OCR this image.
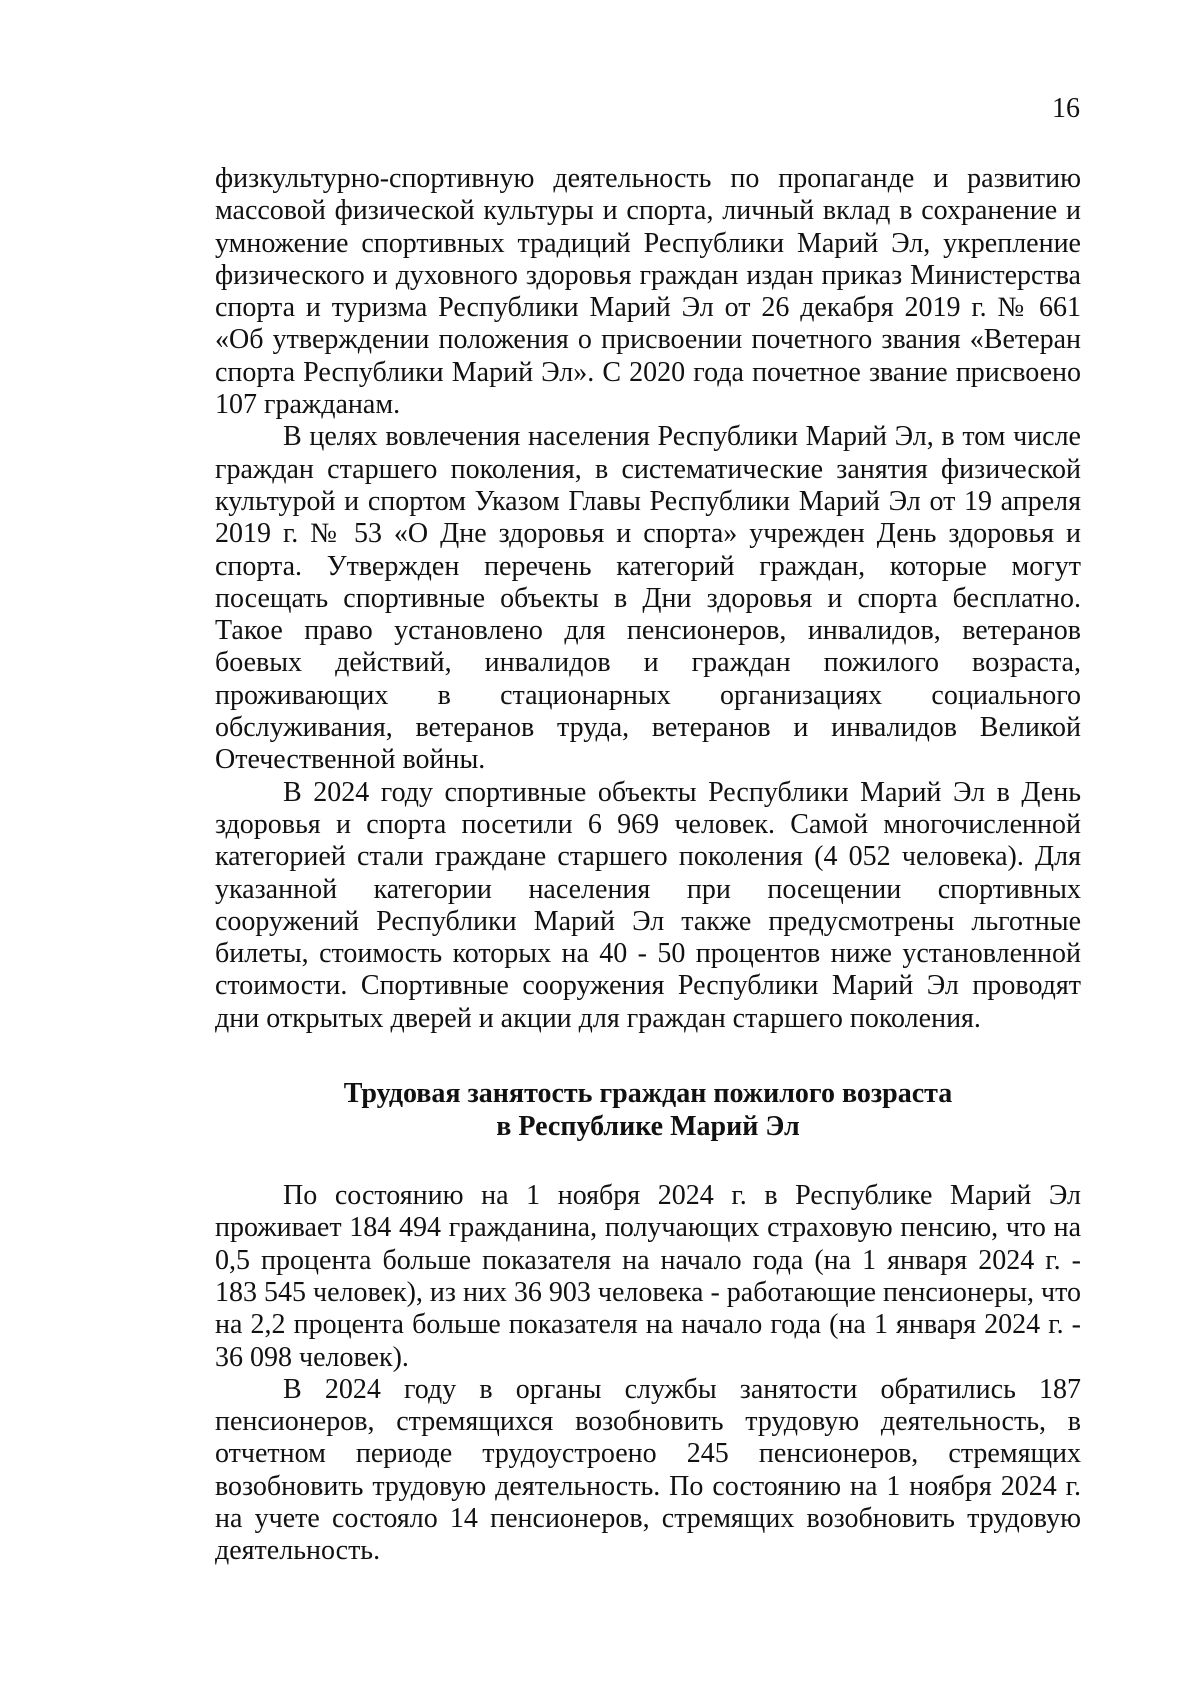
16

физкультурно-спортивную деятельность по пропаганде и развитию массовой физической культуры и спорта, личный вклад в сохранение и умножение спортивных традиций Республики Марий Эл, укрепление физического и духовного здоровья граждан издан приказ Министерства спорта и туризма Республики Марий Эл от 26 декабря 2019 г. № 661 «Об утверждении положения о присвоении почетного звания «Ветеран спорта Республики Марий Эл». С 2020 года почетное звание присвоено 107 гражданам.

В целях вовлечения населения Республики Марий Эл, в том числе граждан старшего поколения, в систематические занятия физической культурой и спортом Указом Главы Республики Марий Эл от 19 апреля 2019 г. № 53 «О Дне здоровья и спорта» учрежден День здоровья и спорта. Утвержден перечень категорий граждан, которые могут посещать спортивные объекты в Дни здоровья и спорта бесплатно. Такое право установлено для пенсионеров, инвалидов, ветеранов боевых действий, инвалидов и граждан пожилого возраста, проживающих в стационарных организациях социального обслуживания, ветеранов труда, ветеранов и инвалидов Великой Отечественной войны.

В 2024 году спортивные объекты Республики Марий Эл в День здоровья и спорта посетили 6 969 человек. Самой многочисленной категорией стали граждане старшего поколения (4 052 человека). Для указанной категории населения при посещении спортивных сооружений Республики Марий Эл также предусмотрены льготные билеты, стоимость которых на 40 - 50 процентов ниже установленной стоимости. Спортивные сооружения Республики Марий Эл проводят дни открытых дверей и акции для граждан старшего поколения.

Трудовая занятость граждан пожилого возраста
в Республике Марий Эл

По состоянию на 1 ноября 2024 г. в Республике Марий Эл проживает 184 494 гражданина, получающих страховую пенсию, что на 0,5 процента больше показателя на начало года (на 1 января 2024 г. - 183 545 человек), из них 36 903 человека - работающие пенсионеры, что на 2,2 процента больше показателя на начало года (на 1 января 2024 г. - 36 098 человек).

В 2024 году в органы службы занятости обратились 187 пенсионеров, стремящихся возобновить трудовую деятельность, в отчетном периоде трудоустроено 245 пенсионеров, стремящих возобновить трудовую деятельность. По состоянию на 1 ноября 2024 г. на учете состояло 14 пенсионеров, стремящих возобновить трудовую деятельность.
